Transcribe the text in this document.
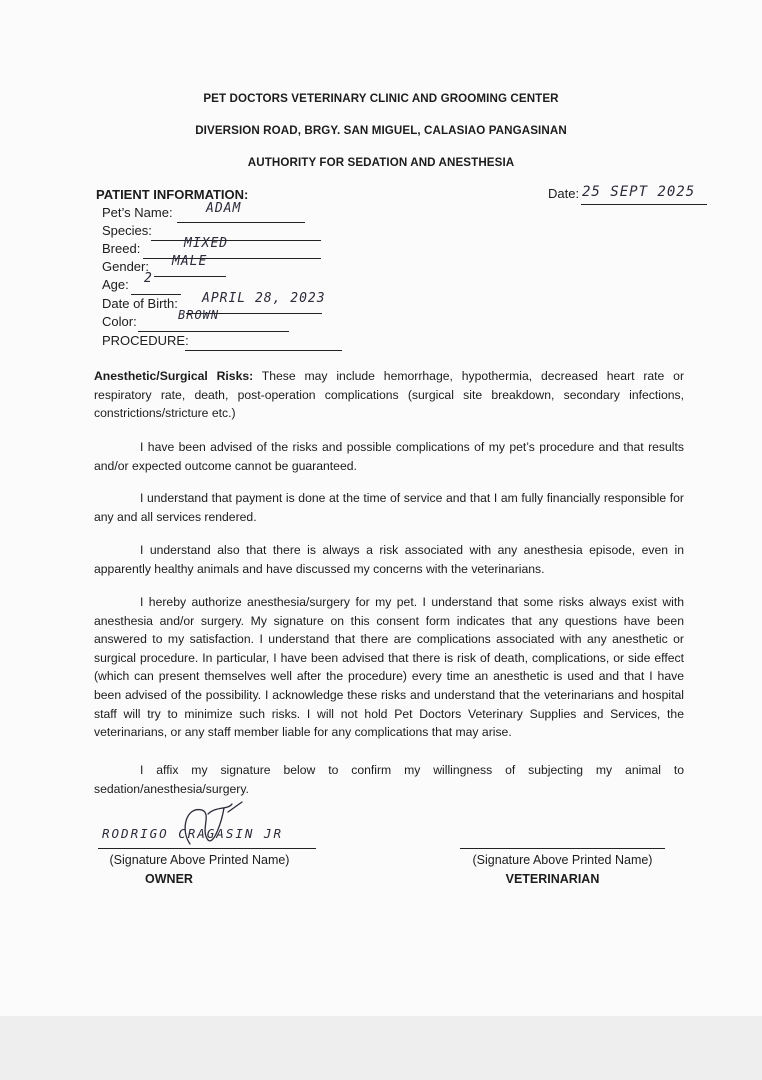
PET DOCTORS VETERINARY CLINIC AND GROOMING CENTER
DIVERSION ROAD, BRGY. SAN MIGUEL, CALASIAO PANGASINAN
AUTHORITY FOR SEDATION AND ANESTHESIA
PATIENT INFORMATION:	Date: 25 SEPT 2025
Pet’s Name:	ADAM
Species:
Breed:	MIXED
Gender: MALE
Age: 2
Date of Birth: APRIL 28, 2023
Color:	BROWN
PROCEDURE:
Anesthetic/Surgical Risks: These may include hemorrhage, hypothermia, decreased heart rate or respiratory rate, death, post-operation complications (surgical site breakdown, secondary infections, constrictions/stricture etc.)
I have been advised of the risks and possible complications of my pet’s procedure and that results and/or expected outcome cannot be guaranteed.
I understand that payment is done at the time of service and that I am fully financially responsible for any and all services rendered.
I understand also that there is always a risk associated with any anesthesia episode, even in apparently healthy animals and have discussed my concerns with the veterinarians.
I hereby authorize anesthesia/surgery for my pet. I understand that some risks always exist with anesthesia and/or surgery. My signature on this consent form indicates that any questions have been answered to my satisfaction. I understand that there are complications associated with any anesthetic or surgical procedure. In particular, I have been advised that there is risk of death, complications, or side effect (which can present themselves well after the procedure) every time an anesthetic is used and that I have been advised of the possibility. I acknowledge these risks and understand that the veterinarians and hospital staff will try to minimize such risks. I will not hold Pet Doctors Veterinary Supplies and Services, the veterinarians, or any staff member liable for any complications that may arise.
I affix my signature below to confirm my willingness of subjecting my animal to sedation/anesthesia/surgery.
RODRIGO CRAGASIN JR
(Signature Above Printed Name)
OWNER
(Signature Above Printed Name)
VETERINARIAN
